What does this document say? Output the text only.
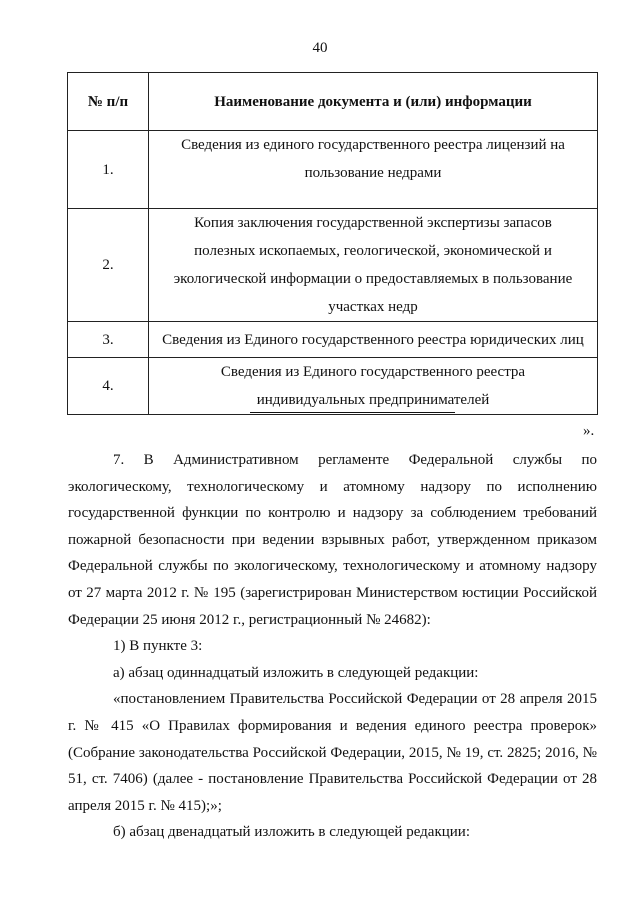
40
№ п/п	Наименование документа и (или) информации
1.	Сведения из единого государственного реестра лицензий на пользование недрами

2.	Копия заключения государственной экспертизы запасов полезных ископаемых, геологической, экономической и экологической информации о предоставляемых в пользование участках недр

3.	Сведения из Единого государственного реестра юридических лиц

4.	Сведения из Единого государственного реестра индивидуальных предпринимателей
».

7. В Административном регламенте Федеральной службы по экологическому, технологическому и атомному надзору по исполнению государственной функции по контролю и надзору за соблюдением требований пожарной безопасности при ведении взрывных работ, утвержденном приказом Федеральной службы по экологическому, технологическому и атомному надзору от 27 марта 2012 г. № 195 (зарегистрирован Министерством юстиции Российской Федерации 25 июня 2012 г., регистрационный № 24682):

1) В пункте 3:

а) абзац одиннадцатый изложить в следующей редакции:

«постановлением Правительства Российской Федерации от 28 апреля 2015 г. № 415 «О Правилах формирования и ведения единого реестра проверок» (Собрание законодательства Российской Федерации, 2015, № 19, ст. 2825; 2016, № 51, ст. 7406) (далее - постановление Правительства Российской Федерации от 28 апреля 2015 г. № 415);»;

б) абзац двенадцатый изложить в следующей редакции:
